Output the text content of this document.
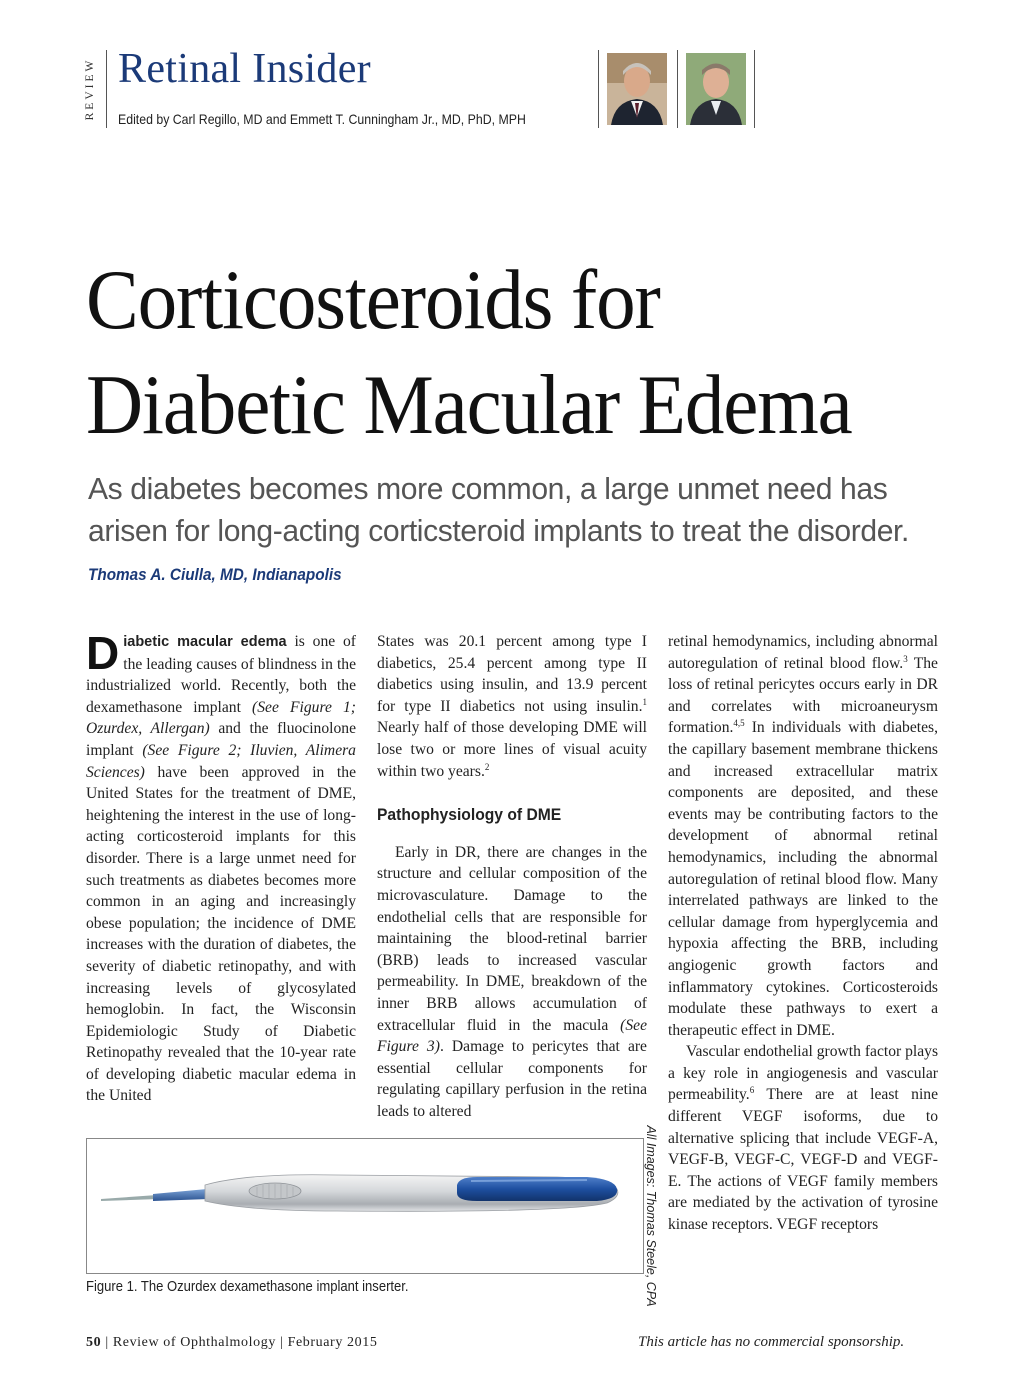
REVIEW Retinal Insider
Edited by Carl Regillo, MD and Emmett T. Cunningham Jr., MD, PhD, MPH
Corticosteroids for
Diabetic Macular Edema
As diabetes becomes more common, a large unmet need has
arisen for long-acting corticsteroid implants to treat the disorder.
Thomas A. Ciulla, MD, Indianapolis

Diabetic macular edema is one of the leading causes of blindness in the industrialized world. Recently, both the dexamethasone implant (See Figure 1; Ozurdex, Allergan) and the fluocinolone implant (See Figure 2; Iluvien, Alimera Sciences) have been approved in the United States for the treatment of DME, heightening the interest in the use of long-acting corticosteroid implants for this disorder. There is a large unmet need for such treatments as diabetes becomes more common in an aging and increasingly obese population; the incidence of DME increases with the duration of diabetes, the severity of diabetic retinopathy, and with increasing levels of glycosylated hemoglobin. In fact, the Wisconsin Epidemiologic Study of Diabetic Retinopathy revealed that the 10-year rate of developing diabetic macular edema in the United

States was 20.1 percent among type I diabetics, 25.4 percent among type II diabetics using insulin, and 13.9 percent for type II diabetics not using insulin.$^1$ Nearly half of those developing DME will lose two or more lines of visual acuity within two years.$^2$

Pathophysiology of DME

Early in DR, there are changes in the structure and cellular composition of the microvasculature. Damage to the endothelial cells that are responsible for maintaining the blood-retinal barrier (BRB) leads to increased vascular permeability. In DME, breakdown of the inner BRB allows accumulation of extracellular fluid in the macula (See Figure 3). Damage to pericytes that are essential cellular components for regulating capillary perfusion in the retina leads to altered

retinal hemodynamics, including abnormal autoregulation of retinal blood flow.$^3$ The loss of retinal pericytes occurs early in DR and correlates with microaneurysm formation.$^{4,5}$ In individuals with diabetes, the capillary basement membrane thickens and increased extracellular matrix components are deposited, and these events may be contributing factors to the development of abnormal retinal hemodynamics, including the abnormal autoregulation of retinal blood flow. Many interrelated pathways are linked to the cellular damage from hyperglycemia and hypoxia affecting the BRB, including angiogenic growth factors and inflammatory cytokines. Corticosteroids modulate these pathways to exert a therapeutic effect in DME.

Vascular endothelial growth factor plays a key role in angiogenesis and vascular permeability.$^6$ There are at least nine different VEGF isoforms, due to alternative splicing that include VEGF-A, VEGF-B, VEGF-C, VEGF-D and VEGF-E. The actions of VEGF family members are mediated by the activation of tyrosine kinase receptors. VEGF receptors

Figure 1. The Ozurdex dexamethasone implant inserter.	All Images: Thomas Steele, CPA
50 | Review of Ophthalmology | February 2015	This article has no commercial sponsorship.
